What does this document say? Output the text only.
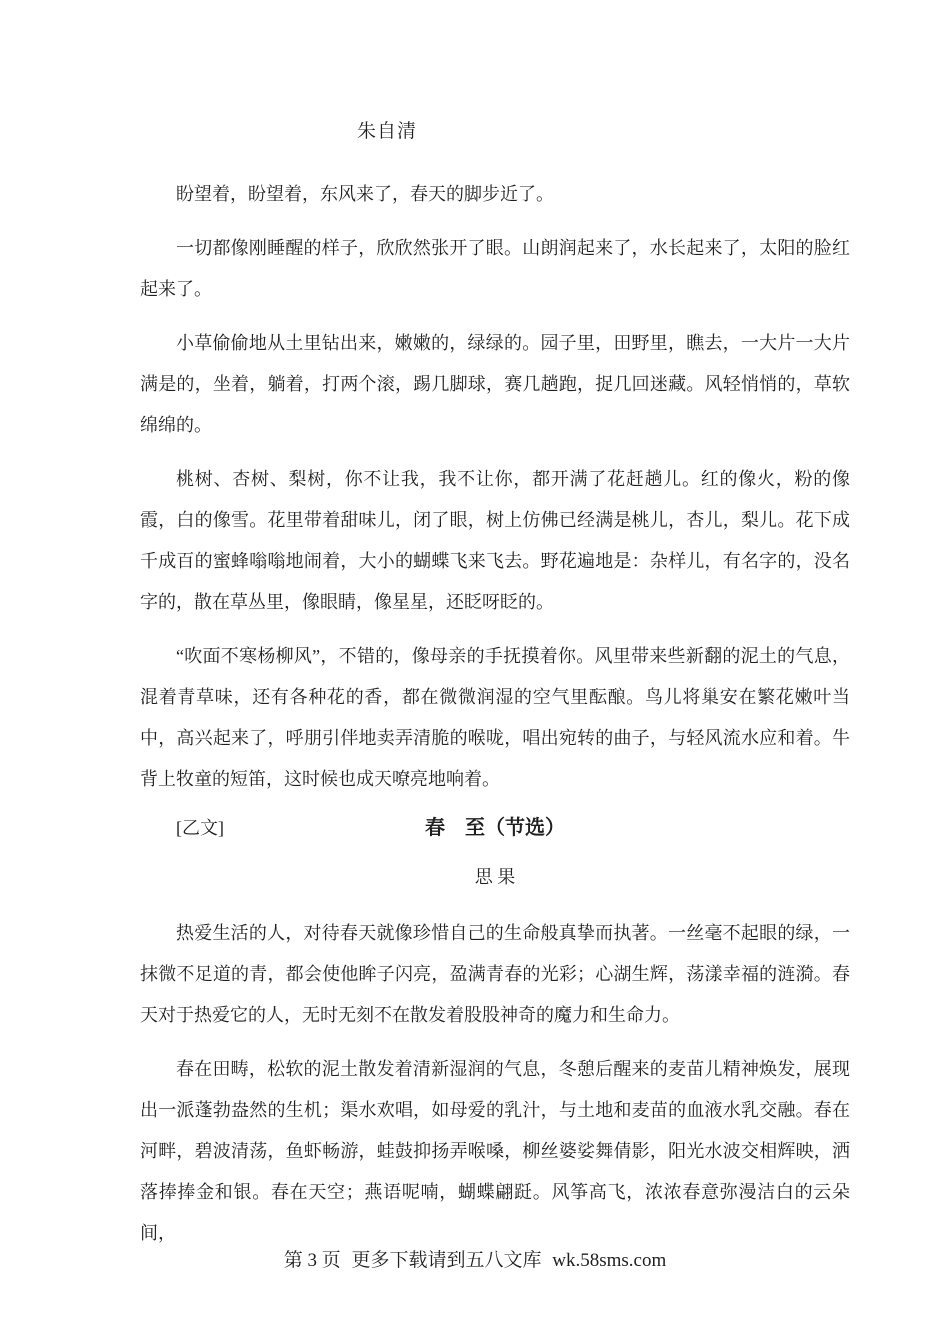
朱自清

盼望着，盼望着，东风来了，春天的脚步近了。

一切都像刚睡醒的样子，欣欣然张开了眼。山朗润起来了，水长起来了，太阳的脸红起来了。

小草偷偷地从土里钻出来，嫩嫩的，绿绿的。园子里，田野里，瞧去，一大片一大片满是的，坐着，躺着，打两个滚，踢几脚球，赛几趟跑，捉几回迷藏。风轻悄悄的，草软绵绵的。

桃树、杏树、梨树，你不让我，我不让你，都开满了花赶趟儿。红的像火，粉的像霞，白的像雪。花里带着甜味儿，闭了眼，树上仿佛已经满是桃儿，杏儿，梨儿。花下成千成百的蜜蜂嗡嗡地闹着，大小的蝴蝶飞来飞去。野花遍地是：杂样儿，有名字的，没名字的，散在草丛里，像眼睛，像星星，还眨呀眨的。

“吹面不寒杨柳风”，不错的，像母亲的手抚摸着你。风里带来些新翻的泥土的气息，混着青草味，还有各种花的香，都在微微润湿的空气里酝酿。鸟儿将巢安在繁花嫩叶当中，高兴起来了，呼朋引伴地卖弄清脆的喉咙，唱出宛转的曲子，与轻风流水应和着。牛背上牧童的短笛，这时候也成天嘹亮地响着。

[乙文]	春　至（节选）

思 果

热爱生活的人，对待春天就像珍惜自己的生命般真挚而执著。一丝毫不起眼的绿，一抹微不足道的青，都会使他眸子闪亮，盈满青春的光彩；心湖生辉，荡漾幸福的涟漪。春天对于热爱它的人，无时无刻不在散发着股股神奇的魔力和生命力。

春在田畴，松软的泥土散发着清新湿润的气息，冬憩后醒来的麦苗儿精神焕发，展现出一派蓬勃盎然的生机；渠水欢唱，如母爱的乳汁，与土地和麦苗的血液水乳交融。春在河畔，碧波清荡，鱼虾畅游，蛙鼓抑扬弄喉嗓，柳丝婆娑舞倩影，阳光水波交相辉映，洒落捧捧金和银。春在天空；燕语呢喃，蝴蝶翩跹。风筝高飞，浓浓春意弥漫洁白的云朵间，

第 3 页 更多下载请到五八文库 wk.58sms.com
